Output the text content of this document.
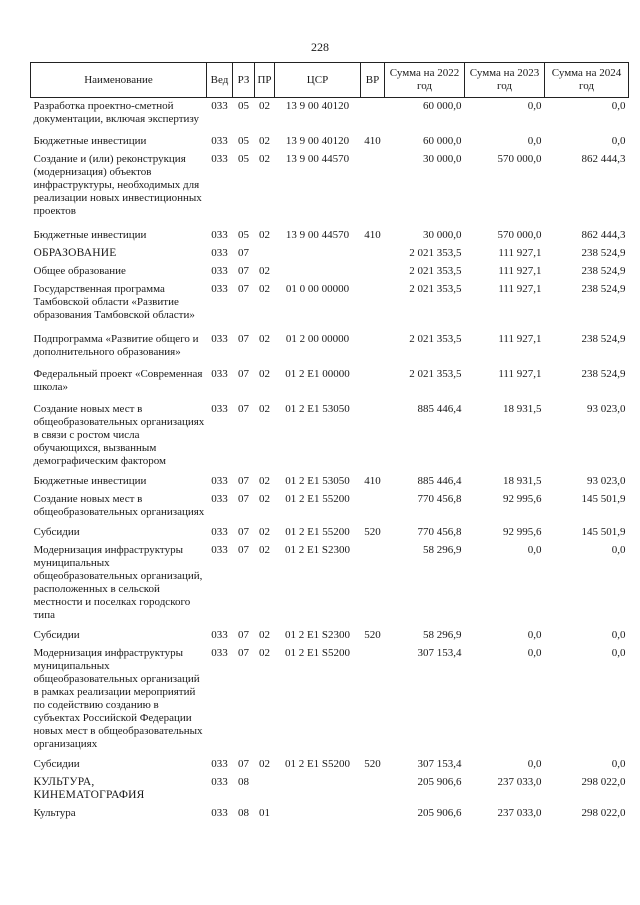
228
Наименование	Вед	РЗ	ПР	ЦСР	ВР	Сумма на 2022 год	Сумма на 2023 год	Сумма на 2024 год
Разработка проектно-сметной документации, включая экспертизу	033	05	02	13 9 00 40120		60 000,0	0,0	0,0
Бюджетные инвестиции	033	05	02	13 9 00 40120	410	60 000,0	0,0	0,0
Создание и (или) реконструкция (модернизация) объектов инфраструктуры, необходимых для реализации новых инвестиционных проектов	033	05	02	13 9 00 44570		30 000,0	570 000,0	862 444,3
Бюджетные инвестиции	033	05	02	13 9 00 44570	410	30 000,0	570 000,0	862 444,3
ОБРАЗОВАНИЕ	033	07				2 021 353,5	111 927,1	238 524,9
Общее образование	033	07	02			2 021 353,5	111 927,1	238 524,9
Государственная программа Тамбовской области «Развитие образования Тамбовской области»	033	07	02	01 0 00 00000		2 021 353,5	111 927,1	238 524,9
Подпрограмма «Развитие общего и дополнительного образования»	033	07	02	01 2 00 00000		2 021 353,5	111 927,1	238 524,9
Федеральный проект «Современная школа»	033	07	02	01 2 E1 00000		2 021 353,5	111 927,1	238 524,9
Создание новых мест в общеобразовательных организациях в связи с ростом числа обучающихся, вызванным демографическим фактором	033	07	02	01 2 E1 53050		885 446,4	18 931,5	93 023,0
Бюджетные инвестиции	033	07	02	01 2 E1 53050	410	885 446,4	18 931,5	93 023,0
Создание новых мест в общеобразовательных организациях	033	07	02	01 2 E1 55200		770 456,8	92 995,6	145 501,9
Субсидии	033	07	02	01 2 E1 55200	520	770 456,8	92 995,6	145 501,9
Модернизация инфраструктуры муниципальных общеобразовательных организаций, расположенных в сельской местности и поселках городского типа	033	07	02	01 2 E1 S2300		58 296,9	0,0	0,0
Субсидии	033	07	02	01 2 E1 S2300	520	58 296,9	0,0	0,0
Модернизация инфраструктуры муниципальных общеобразовательных организаций в рамках реализации мероприятий по содействию созданию в субъектах Российской Федерации новых мест в общеобразовательных организациях	033	07	02	01 2 E1 S5200		307 153,4	0,0	0,0
Субсидии	033	07	02	01 2 E1 S5200	520	307 153,4	0,0	0,0
КУЛЬТУРА, КИНЕМАТОГРАФИЯ	033	08				205 906,6	237 033,0	298 022,0
Культура	033	08	01			205 906,6	237 033,0	298 022,0
